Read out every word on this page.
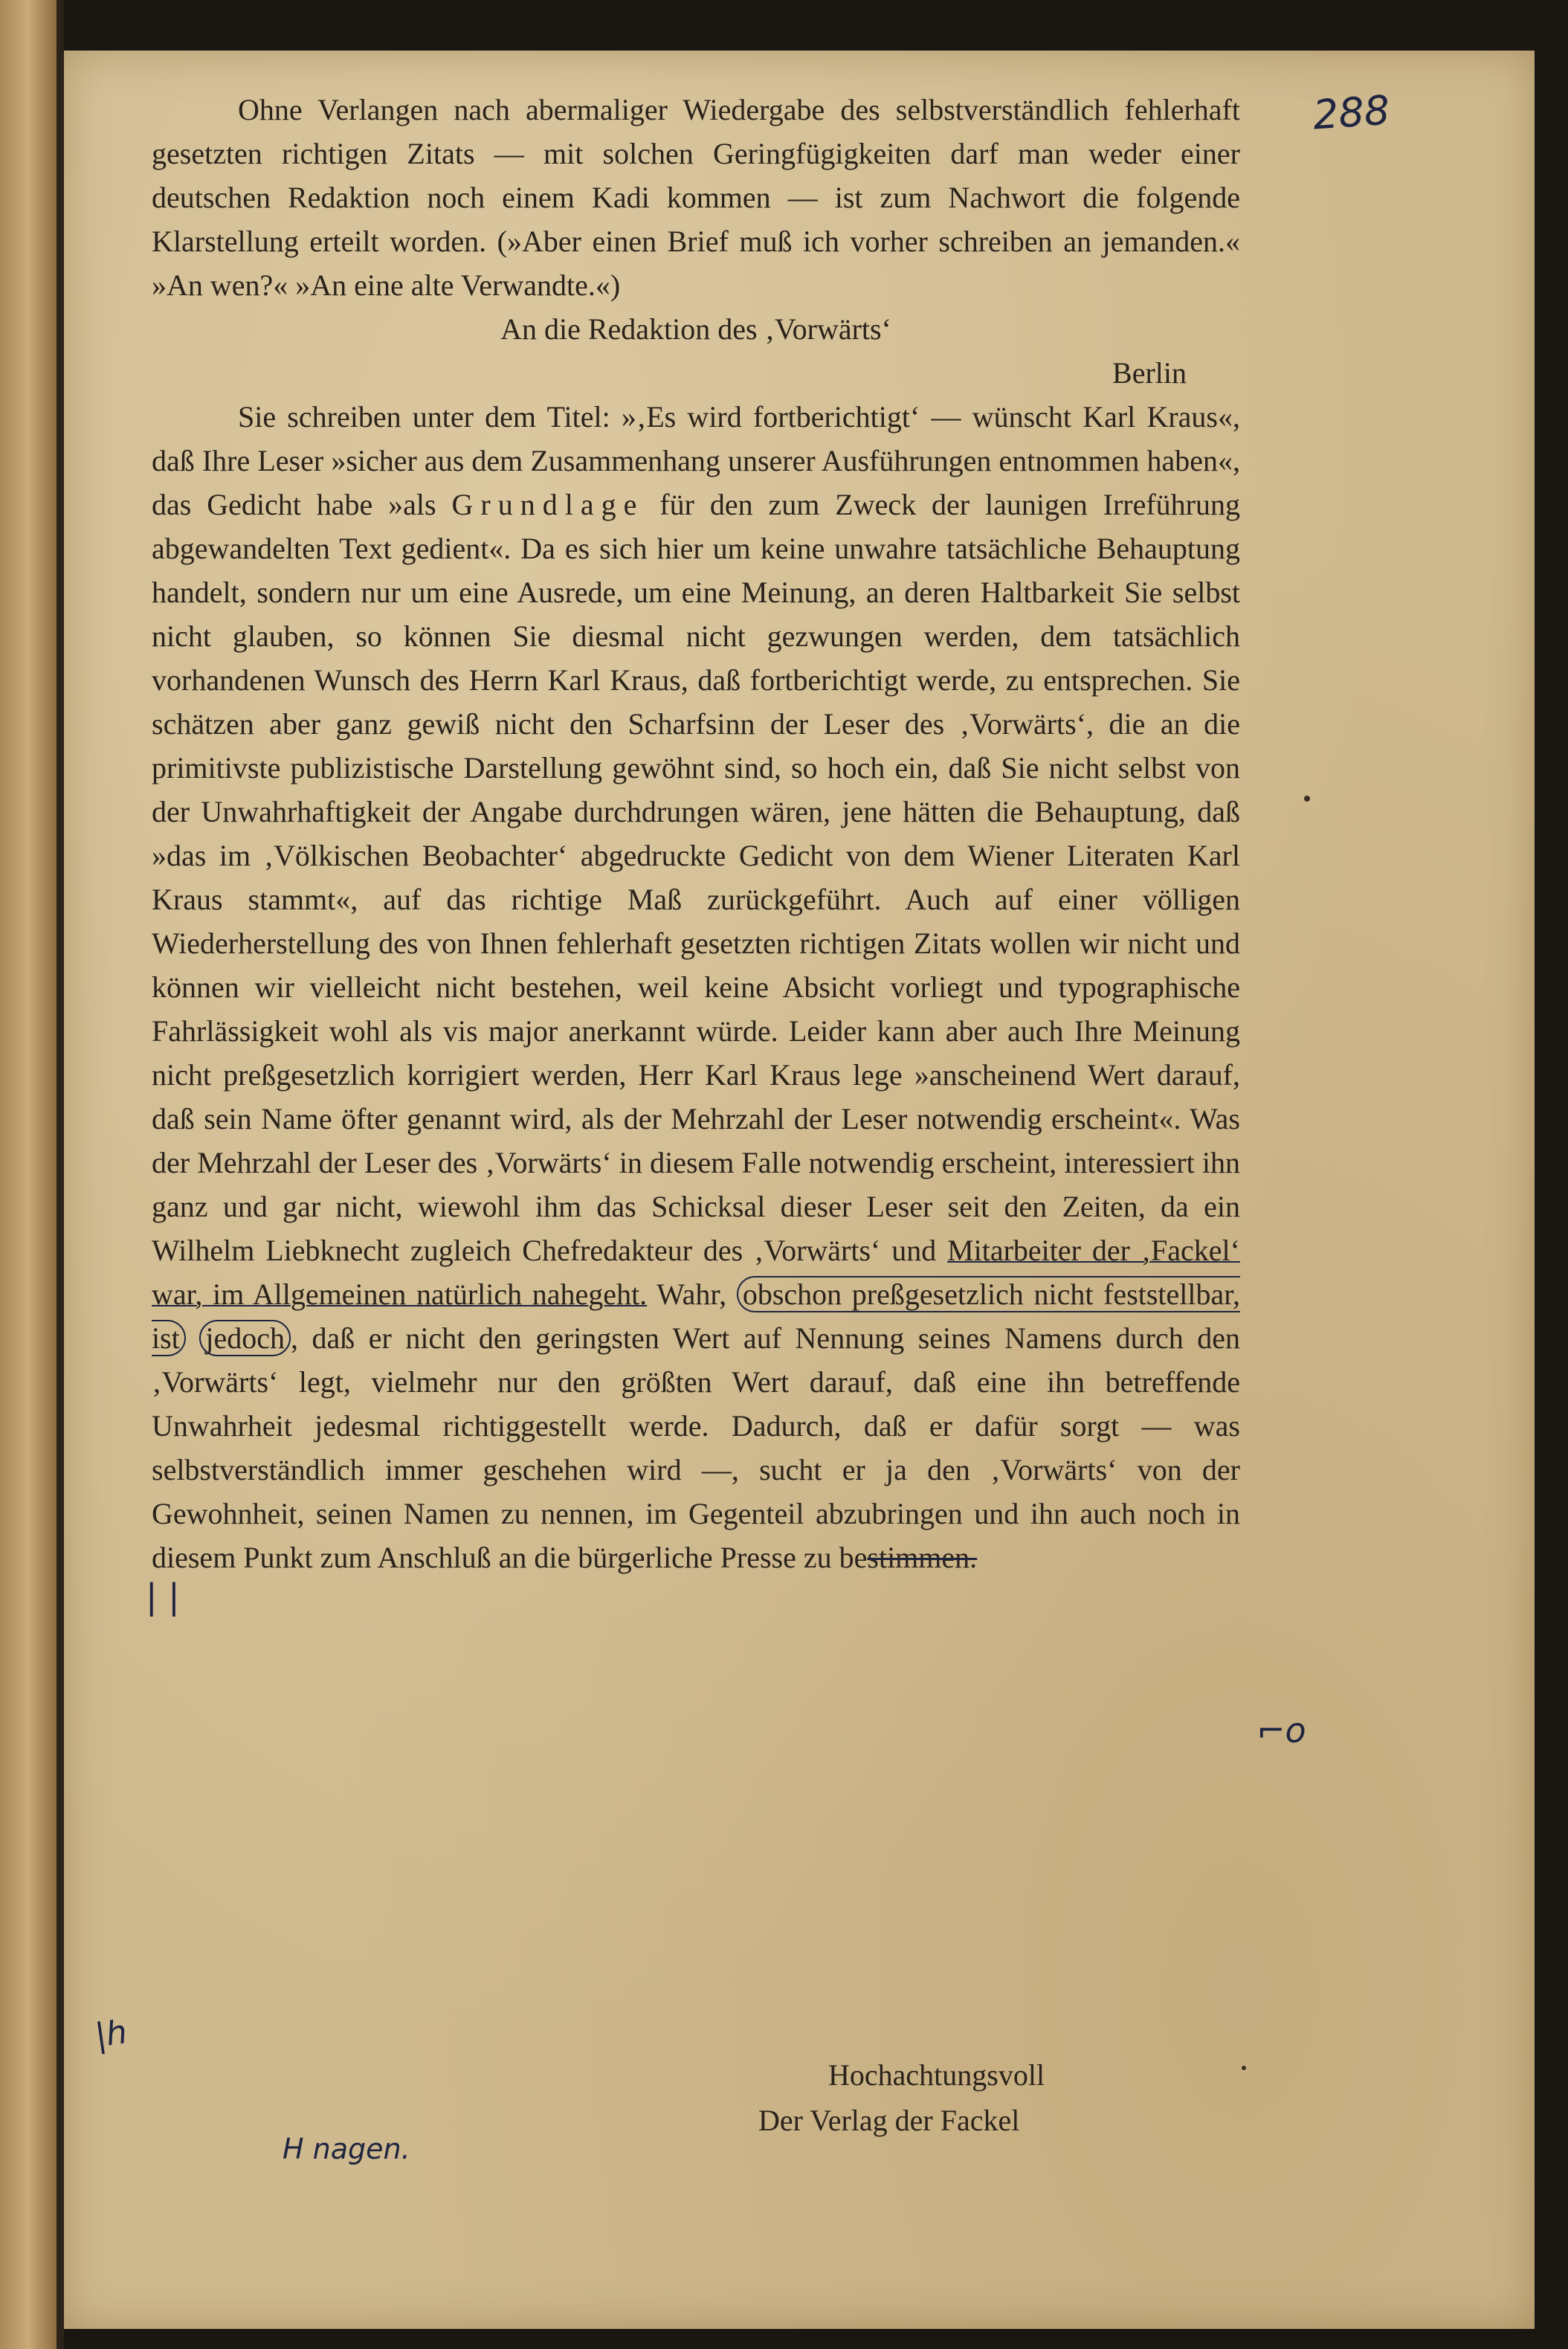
288

Ohne Verlangen nach abermaliger Wiedergabe des selbstverständlich fehlerhaft gesetzten richtigen Zitats — mit solchen Geringfügigkeiten darf man weder einer deutschen Redaktion noch einem Kadi kommen — ist zum Nachwort die folgende Klarstellung erteilt worden. (»Aber einen Brief muß ich vorher schreiben an jemanden.« »An wen?« »An eine alte Verwandte.«)

An die Redaktion des ‚Vorwärts‘

Berlin

Sie schreiben unter dem Titel: »‚Es wird fortberichtigt‘ — wünscht Karl Kraus«, daß Ihre Leser »sicher aus dem Zusammenhang unserer Ausführungen entnommen haben«, das Gedicht habe »als Grundlage für den zum Zweck der launigen Irreführung abgewandelten Text gedient«. Da es sich hier um keine unwahre tatsächliche Behauptung handelt, sondern nur um eine Ausrede, um eine Meinung, an deren Haltbarkeit Sie selbst nicht glauben, so können Sie diesmal nicht gezwungen werden, dem tatsächlich vorhandenen Wunsch des Herrn Karl Kraus, daß fortberichtigt werde, zu entsprechen. Sie schätzen aber ganz gewiß nicht den Scharfsinn der Leser des ‚Vorwärts‘, die an die primitivste publizistische Darstellung gewöhnt sind, so hoch ein, daß Sie nicht selbst von der Unwahrhaftigkeit der Angabe durchdrungen wären, jene hätten die Behauptung, daß »das im ‚Völkischen Beobachter‘ abgedruckte Gedicht von dem Wiener Literaten Karl Kraus stammt«, auf das richtige Maß zurückgeführt. Auch auf einer völligen Wiederherstellung des von Ihnen fehlerhaft gesetzten richtigen Zitats wollen wir nicht und können wir vielleicht nicht bestehen, weil keine Absicht vorliegt und typographische Fahrlässigkeit wohl als vis major anerkannt würde. Leider kann aber auch Ihre Meinung nicht preßgesetzlich korrigiert werden, Herr Karl Kraus lege »anscheinend Wert darauf, daß sein Name öfter genannt wird, als der Mehrzahl der Leser notwendig erscheint«. Was der Mehrzahl der Leser des ‚Vorwärts‘ in diesem Falle notwendig erscheint, interessiert ihn ganz und gar nicht, wiewohl ihm das Schicksal dieser Leser seit den Zeiten, da ein Wilhelm Liebknecht zugleich Chefredakteur des ‚Vorwärts‘ und Mitarbeiter der ‚Fackel‘ war, im Allgemeinen natürlich nahegeht. Wahr, obschon preßgesetzlich nicht feststellbar, ist jedoch , daß er nicht den geringsten Wert auf Nennung seines Namens durch den ‚Vorwärts‘ legt, vielmehr nur den größten Wert darauf, daß eine ihn betreffende Unwahrheit jedesmal richtiggestellt werde. Dadurch, daß er dafür sorgt — was selbstverständlich immer geschehen wird —, sucht er ja den ‚Vorwärts‘ von der Gewohnheit, seinen Namen zu nennen, im Gegenteil abzubringen und ihn auch noch in diesem Punkt zum Anschluß an die bürgerliche Presse zu bestimmen.

Hochachtungsvoll
Der Verlag der Fackel
| |
⌐o
|h
H nagen.
